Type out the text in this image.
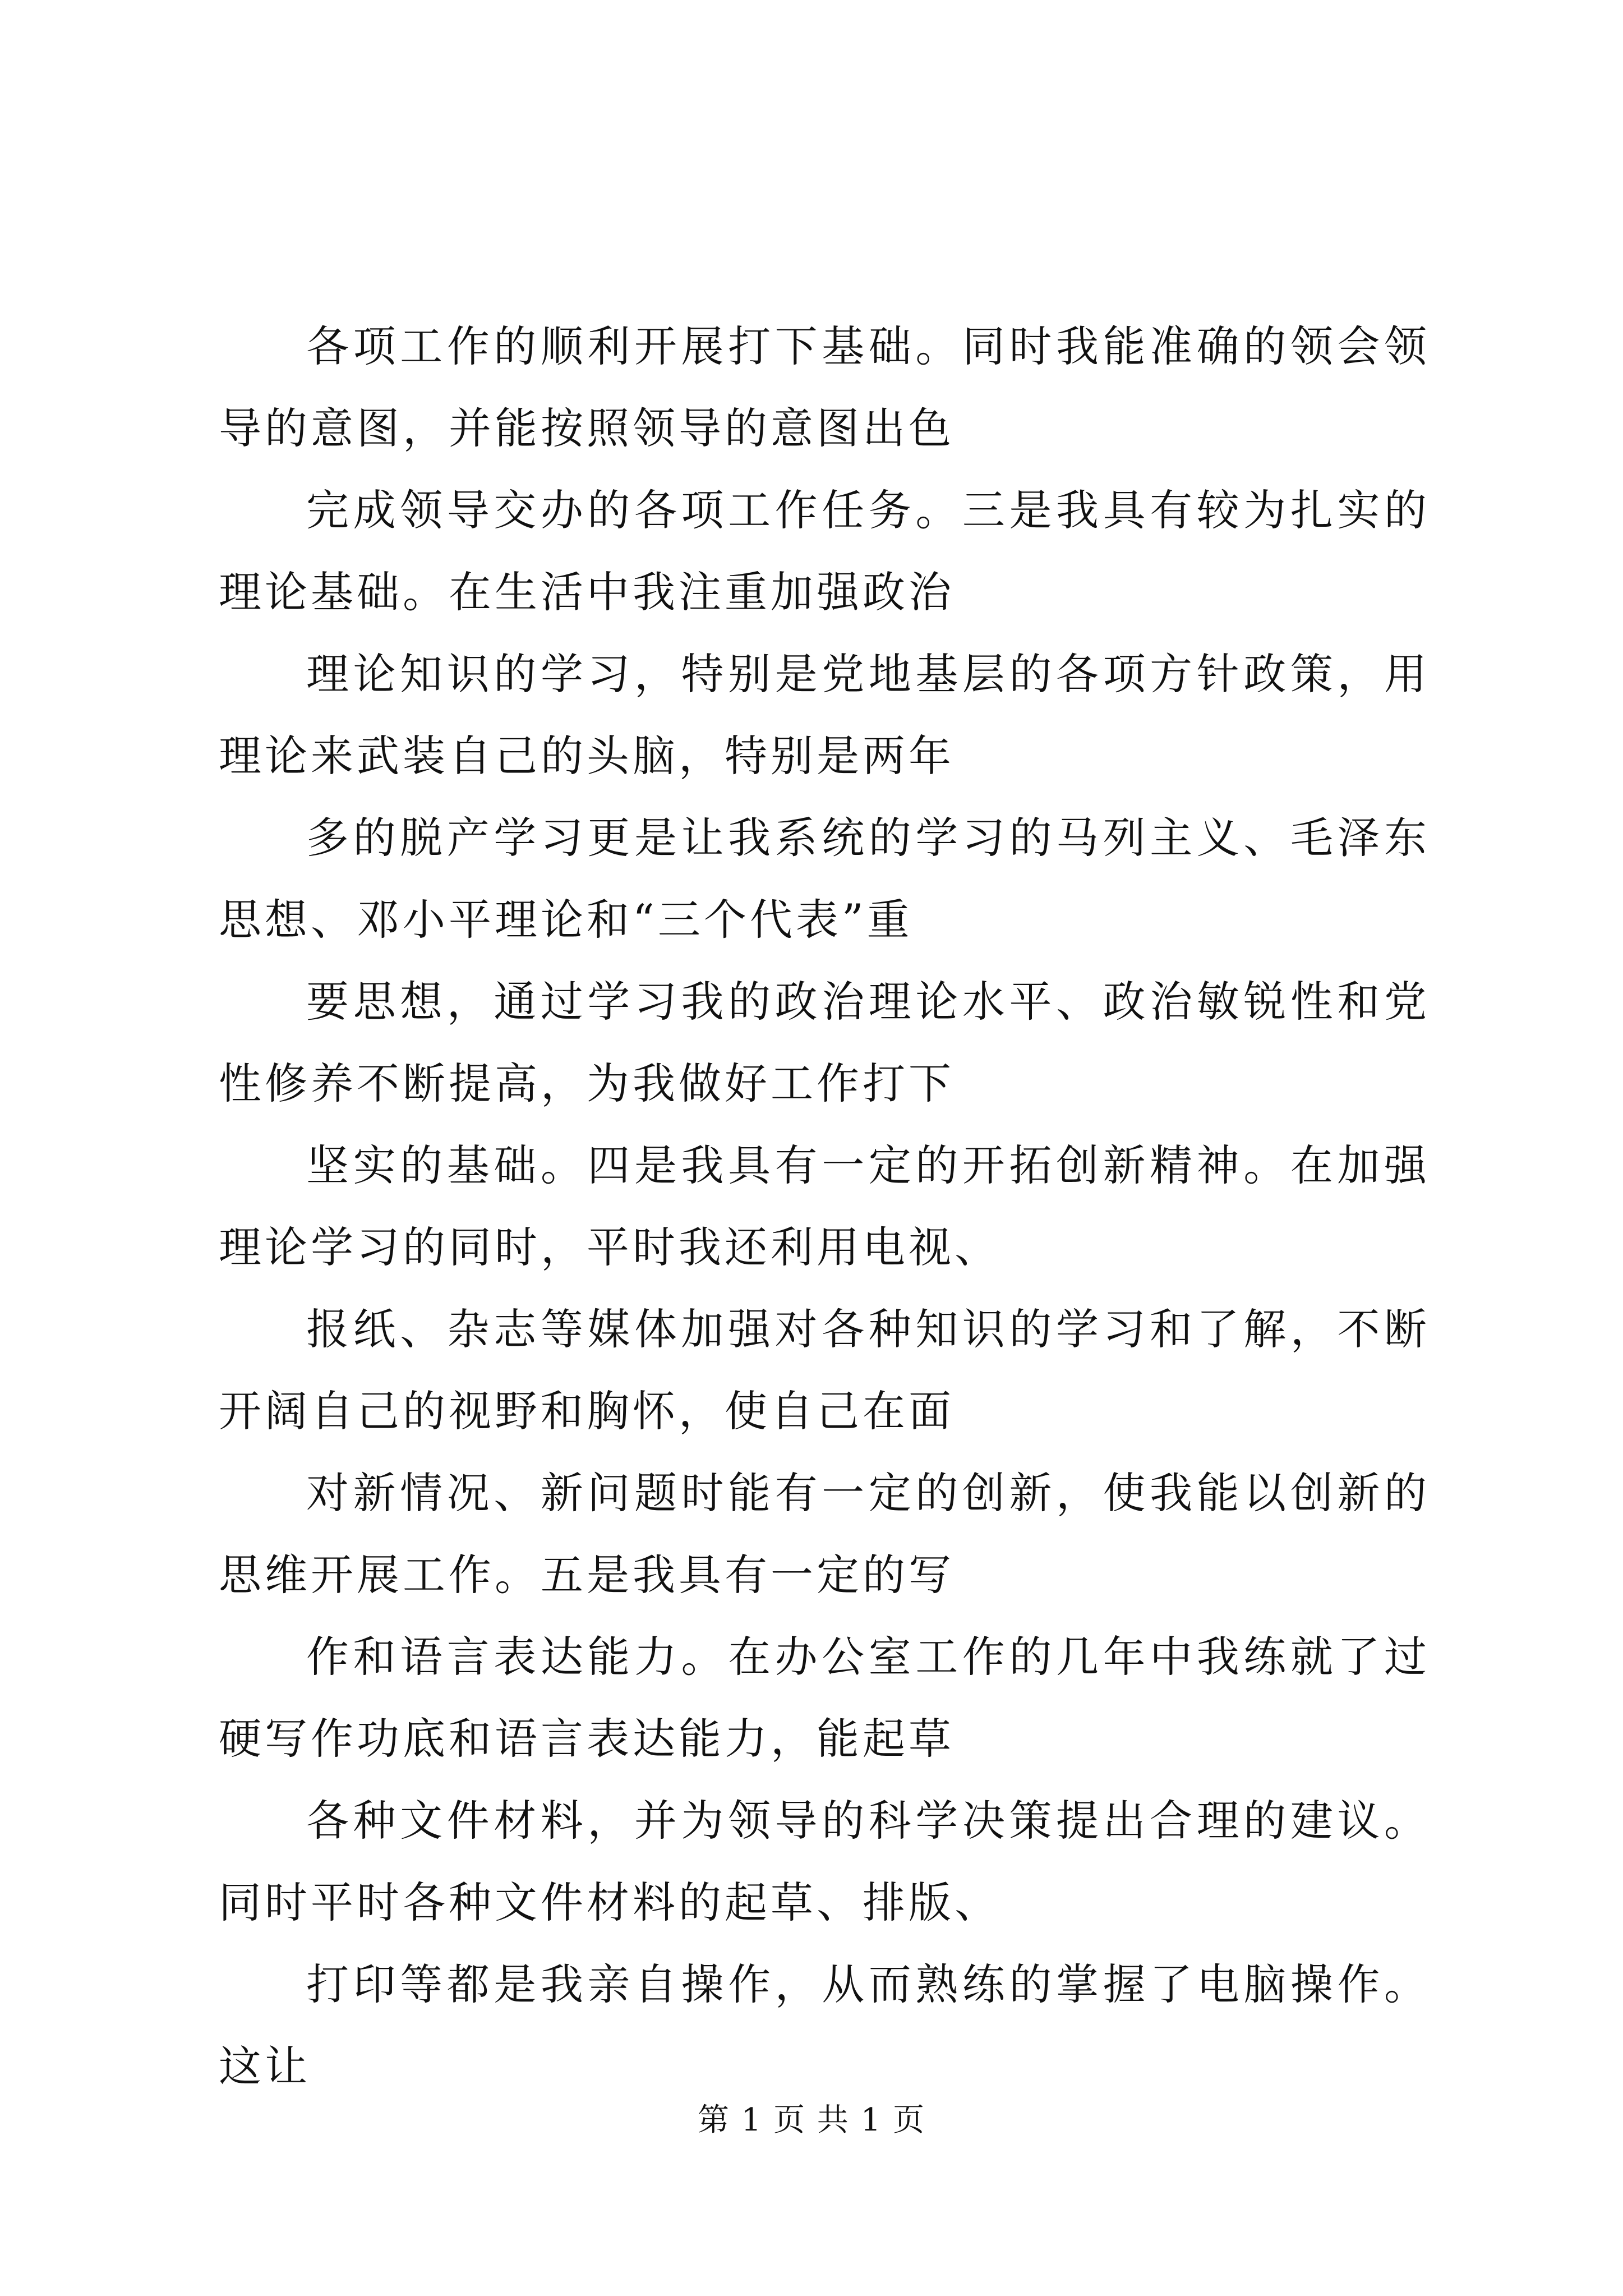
各项工作的顺利开展打下基础。同时我能准确的领会领导的意图，并能按照领导的意图出色

完成领导交办的各项工作任务。三是我具有较为扎实的理论基础。在生活中我注重加强政治

理论知识的学习，特别是党地基层的各项方针政策，用理论来武装自己的头脑，特别是两年

多的脱产学习更是让我系统的学习的马列主义、毛泽东思想、邓小平理论和“三个代表”重

要思想，通过学习我的政治理论水平、政治敏锐性和党性修养不断提高，为我做好工作打下

坚实的基础。四是我具有一定的开拓创新精神。在加强理论学习的同时，平时我还利用电视、

报纸、杂志等媒体加强对各种知识的学习和了解，不断开阔自己的视野和胸怀，使自己在面

对新情况、新问题时能有一定的创新，使我能以创新的思维开展工作。五是我具有一定的写

作和语言表达能力。在办公室工作的几年中我练就了过硬写作功底和语言表达能力，能起草

各种文件材料，并为领导的科学决策提出合理的建议。同时平时各种文件材料的起草、排版、

打印等都是我亲自操作，从而熟练的掌握了电脑操作。这让

第 1 页 共 1 页
